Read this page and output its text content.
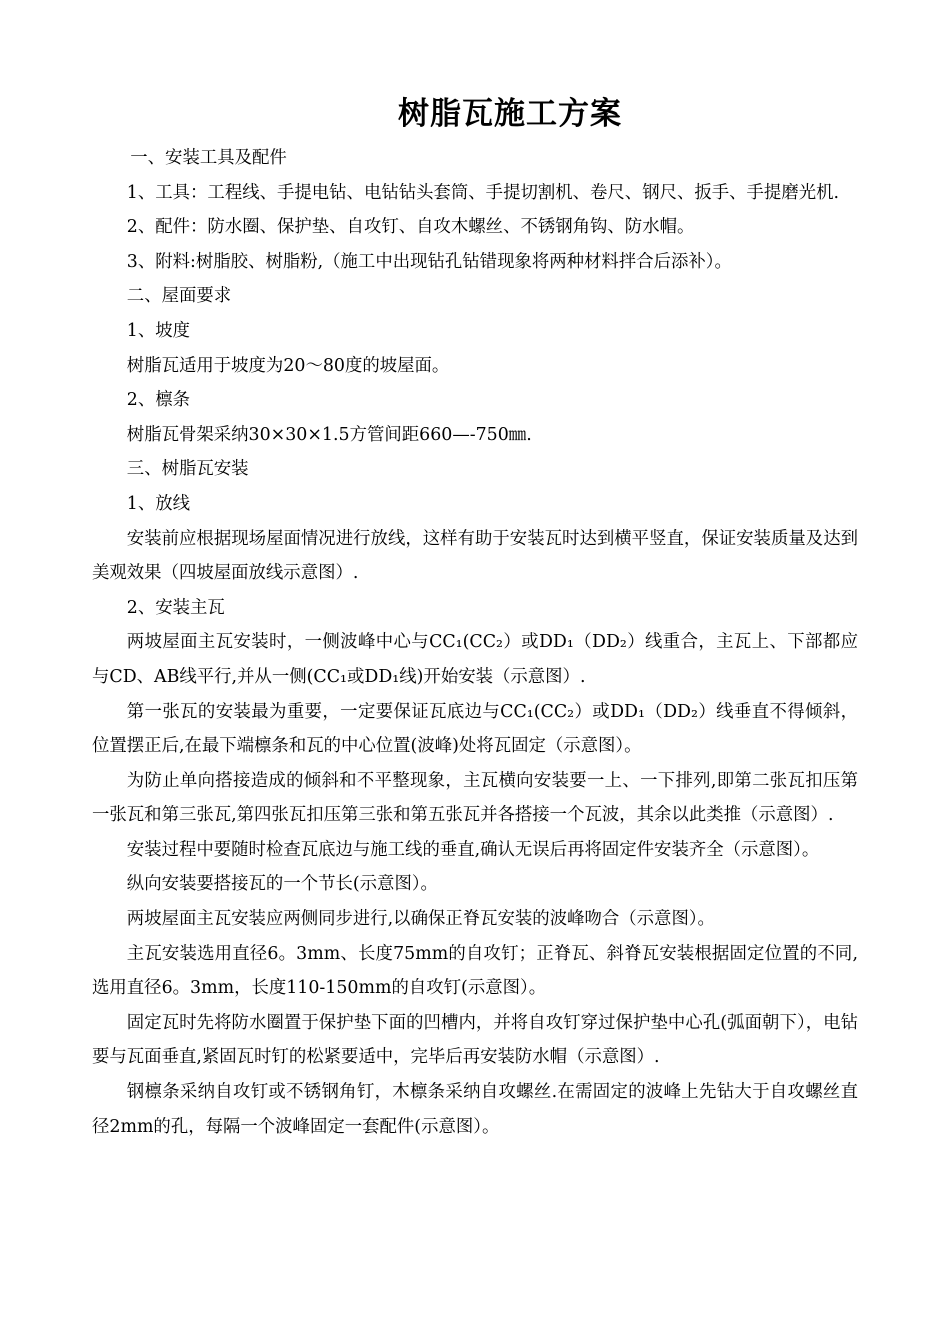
树脂瓦施工方案
一、安装工具及配件
1、工具：工程线、手提电钻、电钻钻头套筒、手提切割机、卷尺、钢尺、扳手、手提磨光机.
2、配件：防水圈、保护垫、自攻钉、自攻木螺丝、不锈钢角钩、防水帽。
3、附料:树脂胶、树脂粉,（施工中出现钻孔钻错现象将两种材料拌合后添补）。
二、屋面要求
1、坡度
树脂瓦适用于坡度为20～80度的坡屋面。
2、檩条
树脂瓦骨架采纳30×30×1.5方管间距660—-750㎜.
三、树脂瓦安装
1、放线
安装前应根据现场屋面情况进行放线，这样有助于安装瓦时达到横平竖直，保证安装质量及达到美观效果（四坡屋面放线示意图）.
2、安装主瓦
两坡屋面主瓦安装时，一侧波峰中心与CC₁(CC₂）或DD₁（DD₂）线重合，主瓦上、下部都应与CD、AB线平行,并从一侧(CC₁或DD₁线)开始安装（示意图）.
第一张瓦的安装最为重要，一定要保证瓦底边与CC₁(CC₂）或DD₁（DD₂）线垂直不得倾斜，位置摆正后,在最下端檩条和瓦的中心位置(波峰)处将瓦固定（示意图）。
为防止单向搭接造成的倾斜和不平整现象，主瓦横向安装要一上、一下排列,即第二张瓦扣压第一张瓦和第三张瓦,第四张瓦扣压第三张和第五张瓦并各搭接一个瓦波，其余以此类推（示意图）.
安装过程中要随时检查瓦底边与施工线的垂直,确认无误后再将固定件安装齐全（示意图）。
纵向安装要搭接瓦的一个节长(示意图）。
两坡屋面主瓦安装应两侧同步进行,以确保正脊瓦安装的波峰吻合（示意图）。
主瓦安装选用直径6。3mm、长度75mm的自攻钉；正脊瓦、斜脊瓦安装根据固定位置的不同,选用直径6。3mm，长度110-150mm的自攻钉(示意图）。
固定瓦时先将防水圈置于保护垫下面的凹槽内，并将自攻钉穿过保护垫中心孔(弧面朝下），电钻要与瓦面垂直,紧固瓦时钉的松紧要适中，完毕后再安装防水帽（示意图）.
钢檩条采纳自攻钉或不锈钢角钉，木檩条采纳自攻螺丝.在需固定的波峰上先钻大于自攻螺丝直径2mm的孔，每隔一个波峰固定一套配件(示意图）。
